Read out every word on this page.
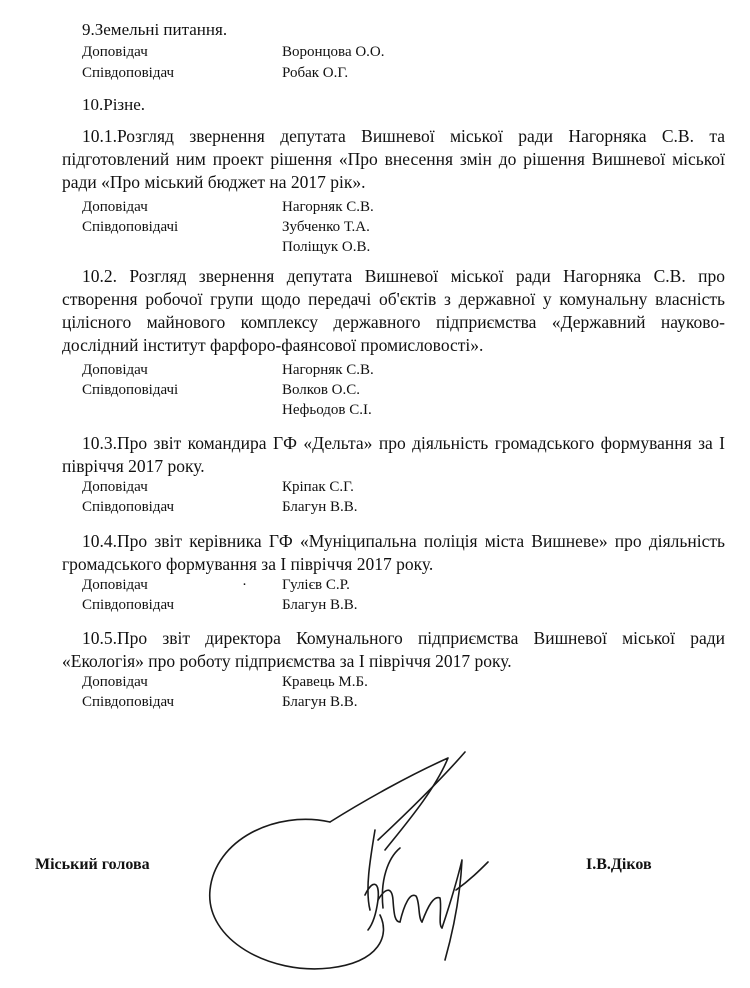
9.Земельні питання.
Доповідач	Воронцова О.О.
Співдоповідач	Робак О.Г.
10.Різне.
10.1.Розгляд звернення депутата Вишневої міської ради Нагорняка С.В. та підготовлений ним проект рішення «Про внесення змін до рішення Вишневої міської ради «Про міський бюджет на 2017 рік».
Доповідач	Нагорняк С.В.
Співдоповідачі	Зубченко Т.А.
Поліщук О.В.
10.2. Розгляд звернення депутата Вишневої міської ради Нагорняка С.В. про створення робочої групи щодо передачі об'єктів з державної у комунальну власність цілісного майнового комплексу державного підприємства «Державний науково-дослідний інститут фарфоро-фаянсової промисловості».
Доповідач	Нагорняк С.В.
Співдоповідачі	Волков О.С.
Нефьодов С.І.
10.3.Про звіт командира ГФ «Дельта» про діяльність громадського формування за І півріччя 2017 року.
Доповідач	Кріпак С.Г.
Співдоповідач	Благун В.В.
10.4.Про звіт керівника ГФ «Муніципальна поліція міста Вишневе» про діяльність громадського формування за І півріччя 2017 року.
Доповідач	· Гулієв С.Р.
Співдоповідач	Благун В.В.
10.5.Про звіт директора Комунального підприємства Вишневої міської ради «Екологія» про роботу підприємства за І півріччя 2017 року.
Доповідач	Кравець М.Б.
Співдоповідач	Благун В.В.
Міський голова	І.В.Діков
